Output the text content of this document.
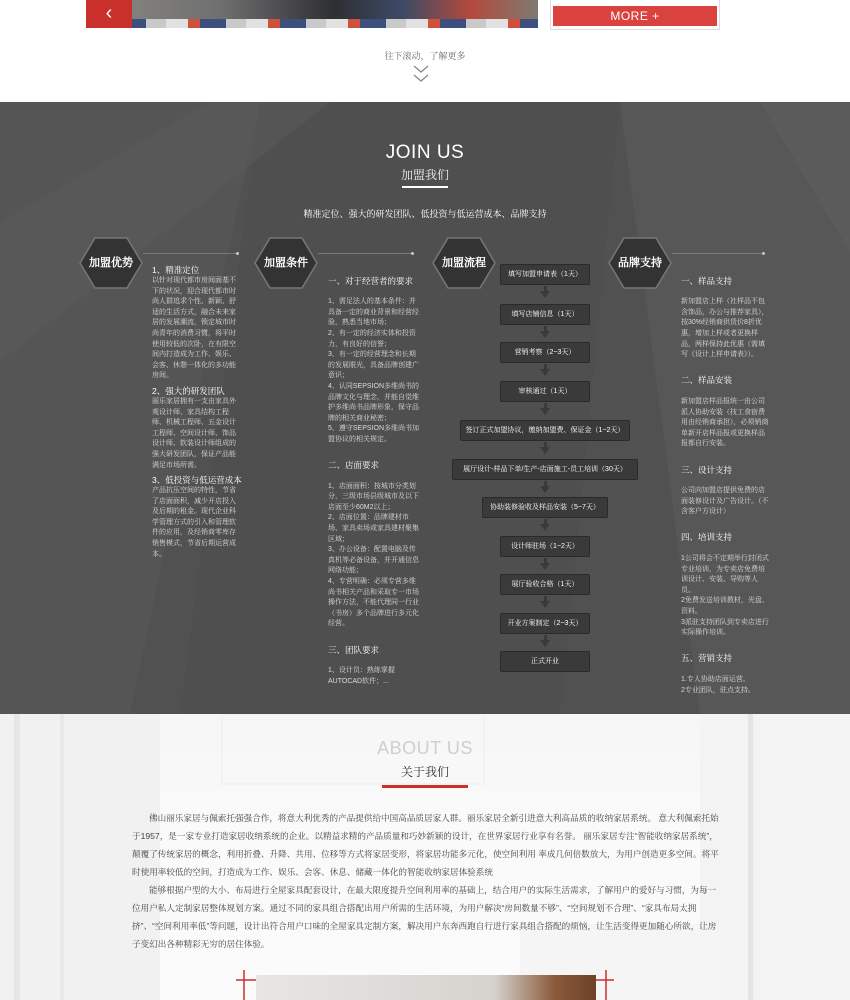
‹	MORE +
往下滚动，了解更多
JOIN US
加盟我们
精准定位、强大的研发团队、低投资与低运营成本、品牌支持
加盟优势	加盟条件	加盟流程	品牌支持
1、精准定位
以针对现代都市房间面基不下的状况，迎合现代都市时尚人群追求个性、新颖、舒适的生活方式，融合未来家居的发展潮流，锁定城市时尚青年的消费习惯，将平时使用较低的次卧，在有限空间内打造成为工作、娱乐、会客、休憩一体化的多功能房间。
2、强大的研发团队
丽乐家居拥有一支由家具外观设计师、家具结构工程师、机械工程师、五金设计工程师、空间设计师、饰品设计师、软装设计师组成的强大研发团队，保证产品能满足市场所需。
3、低投资与低运营成本
产品抗压空间的特性，节省了店面面积，减少开店投入及后期的租金。现代企业科学管理方式的引入和管理软件的应用，及经销商零库存销售模式，节省后期运营成本。

一、对于经营者的要求

1、需足法人的基本条件：并具备一定的商业背景和经营经验，熟悉当地市场；
2、有一定的经济实体和投资力，有良好的信誉；
3、有一定的经营理念和长期的发展眼光，具备品牌创建广意识；
4、认同SEPSION多维尚书的品牌文化与理念，并能自觉维护多维尚书品牌形象，保守品牌的相关商业秘密；
5、遵守SEPSION多维尚书加盟协议的相关规定。

二、店面要求

1、店面面积：按城市分类划分，三级市场县级城市及以下店面至少60M2以上；
2、店面位置：品牌建材市场、家具卖场或家具建材聚集区域；
3、办公设备：配置电脑及传真机等必备设备，并开通信息网络功能；
4、专营明确：必须专营多维尚书相关产品和采取专一市场操作方法，不能代理同一行业（书房）多个品牌进行多元化经营。

三、团队要求

1、设计员：熟练掌握AUTOCAD软件；...

填写加盟申请表（1天）
填写店铺信息（1天）
营销考察（2~3天）
审核通过（1天）
签订正式加盟协议，缴纳加盟费、保证金（1~2天）
展厅设计-样品下单/生产-店面施工-员工培训（30天）
协助装修验收及样品安装（5~7天）
设计师驻场（1~2天）
展厅验收合格（1天）
开业方案制定（2~3天）
正式开业

一、样品支持

新加盟店上样（社样品不包含饰品，办公与推荐家具），按30%经销商供货价8折优惠，增加上样或者更换样品，两样保持此优惠（需填写《设计上样申请表》）。

二、样品安装

新加盟店样品报统一由公司派人协助安装（技工食宿费用由经销商承担），必须销商单新开店样品报或更换样品报都自行安装。

三、设计支持

公司向加盟店提供免费的店面装修设计及广告设计。（不含客户方设计）

四、培训支持

1公司将会不定期举行封闭式专业培训，为专卖店免费培训设计、安装、导购等人员。
2免费发送培训教材，光盘、资料。
3派驻支持团队到专卖店进行实际操作培训。

五、营销支持

1.专人协助店面运营。
2专业团队，驻点支持。

ABOUT US
关于我们

佛山丽乐家居与佩索托强强合作，将意大利优秀的产品提供给中国高品质居家人群。丽乐家居全新引进意大利高品质的收纳家居系统。 意大利佩索托始于1957，是一家专业打造家居收纳系统的企业。以精益求精的产品质量和巧妙新颖的设计，在世界家居行业享有名誉。 丽乐家居专注“智能收纳家居系统”，颠覆了传统家居的概念，利用折叠、升降、共用、位移等方式将家居变形，将家居功能多元化，使空间利用 率成几何倍数放大，为用户创造更多空间。将平时使用率较低的空间，打造成为工作、娱乐、会客、休息、储藏一体化的智能收纳家居体验系统

能够根据户型的大小、布局进行全屋家具配套设计，在最大限度提升空间利用率的基础上，结合用户的实际生活需求，了解用户的爱好与习惯，为每一位用户私人定制家居整体规划方案。通过不同的家具组合搭配出用户所需的生活环境，为用户解决“房间数量不够”、“空间规划不合理”、“家具布局太拥挤”、“空间利用率低”等问题，设计出符合用户口味的全屋家具定制方案，解决用户东奔西跑自行进行家具组合搭配的烦恼，让生活变得更加随心所欲，让房子变幻出各种精彩无穷的居住体验。
